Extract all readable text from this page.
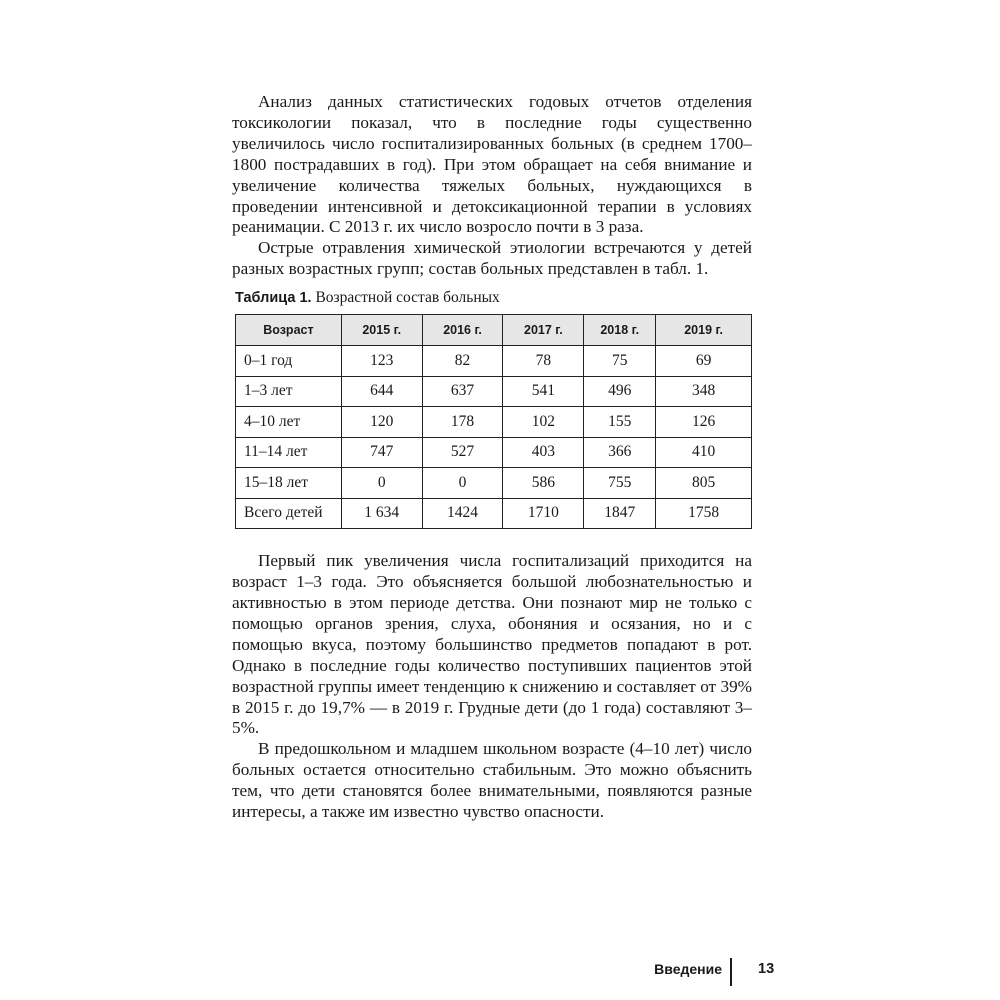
Анализ данных статистических годовых отчетов отделения токсикологии показал, что в последние годы существенно увеличилось число госпитализированных больных (в среднем 1700–1800 пострадавших в год). При этом обращает на себя внимание и увеличение количества тяжелых больных, нуждающихся в проведении интенсивной и детоксикационной терапии в условиях реанимации. С 2013 г. их число возросло почти в 3 раза.

Острые отравления химической этиологии встречаются у детей разных возрастных групп; состав больных представлен в табл. 1.

Таблица 1. Возрастной состав больных
Возраст	2015 г.	2016 г.	2017 г.	2018 г.	2019 г.
0–1 год	123	82	78	75	69
1–3 лет	644	637	541	496	348
4–10 лет	120	178	102	155	126
11–14 лет	747	527	403	366	410
15–18 лет	0	0	586	755	805
Всего детей	1 634	1424	1710	1847	1758

Первый пик увеличения числа госпитализаций приходится на возраст 1–3 года. Это объясняется большой любознательностью и активностью в этом периоде детства. Они познают мир не только с помощью органов зрения, слуха, обоняния и осязания, но и с помощью вкуса, поэтому большинство предметов попадают в рот. Однако в последние годы количество поступивших пациентов этой возрастной группы имеет тенденцию к снижению и составляет от 39% в 2015 г. до 19,7% — в 2019 г. Грудные дети (до 1 года) составляют 3–5%.

В предошкольном и младшем школьном возрасте (4–10 лет) число больных остается относительно стабильным. Это можно объяснить тем, что дети становятся более внимательными, появляются разные интересы, а также им известно чувство опасности.

Введение 13
